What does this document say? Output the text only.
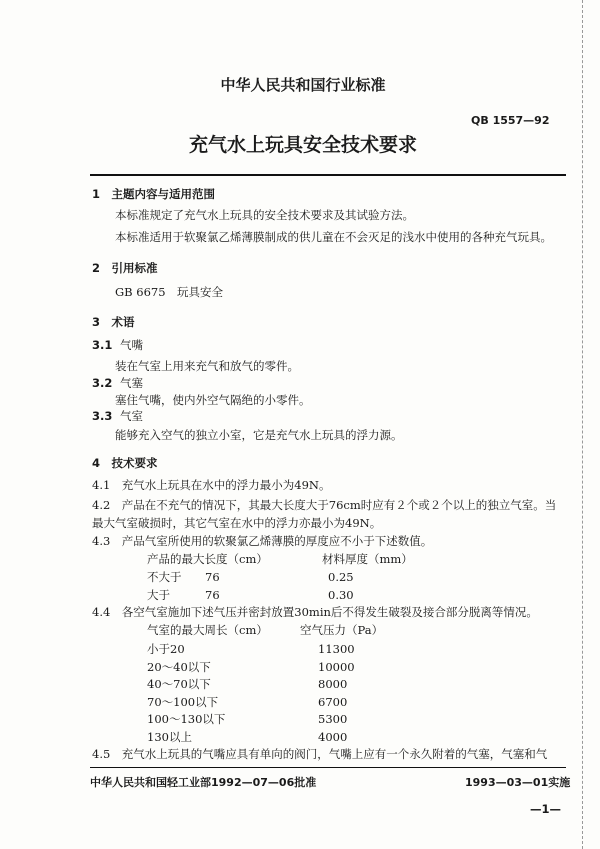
中华人民共和国行业标准
QB 1557—92
充气水上玩具安全技术要求
1　主题内容与适用范围
本标准规定了充气水上玩具的安全技术要求及其试验方法。
本标准适用于软聚氯乙烯薄膜制成的供儿童在不会灭足的浅水中使用的各种充气玩具。
2　引用标准
GB 6675　玩具安全
3　术语
3.1 气嘴
装在气室上用来充气和放气的零件。
3.2 气塞
塞住气嘴，使内外空气隔绝的小零件。
3.3 气室
能够充入空气的独立小室，它是充气水上玩具的浮力源。
4　技术要求
4.1　充气水上玩具在水中的浮力最小为49N。
4.2　产品在不充气的情况下，其最大长度大于76cm时应有２个或２个以上的独立气室。当
最大气室破损时，其它气室在水中的浮力亦最小为49N。
4.3　产品气室所使用的软聚氯乙烯薄膜的厚度应不小于下述数值。
产品的最大长度（cm）	材料厚度（mm）
不大于 76	0.25
大于	76	0.30
4.4　各空气室施加下述气压并密封放置30min后不得发生破裂及接合部分脱离等情况。
气室的最大周长（cm）	空气压力（Pa）
小于20	11300
20～40以下	10000
40～70以下	8000
70～100以下	6700
100～130以下	5300
130以上	4000
4.5　充气水上玩具的气嘴应具有单向的阀门，气嘴上应有一个永久附着的气塞，气塞和气
中华人民共和国轻工业部1992—07—06批准	1993—03—01实施
—1—
